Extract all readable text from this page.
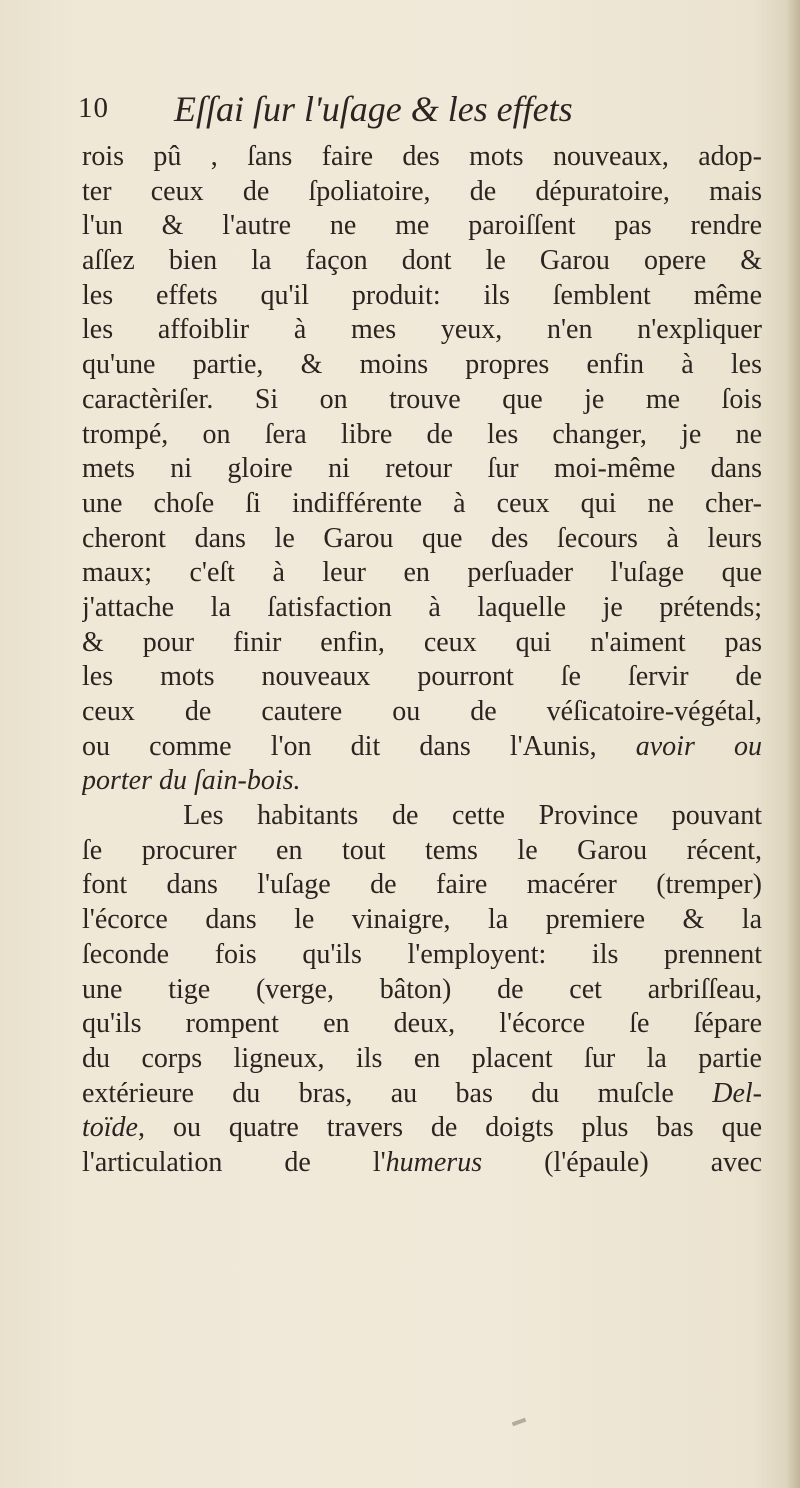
10 Eſſai ſur l'uſage & les effets
rois pû , ſans faire des mots nouveaux, adop-
ter ceux de ſpoliatoire, de dépuratoire, mais
l'un & l'autre ne me paroiſſent pas rendre
aſſez bien la façon dont le Garou opere &
les effets qu'il produit: ils ſemblent même
les affoiblir à mes yeux, n'en n'expliquer
qu'une partie, & moins propres enfin à les
caractèriſer. Si on trouve que je me ſois
trompé, on ſera libre de les changer, je ne
mets ni gloire ni retour ſur moi-même dans
une choſe ſi indifférente à ceux qui ne cher-
cheront dans le Garou que des ſecours à leurs
maux; c'eſt à leur en perſuader l'uſage que
j'attache la ſatisfaction à laquelle je prétends;
& pour finir enfin, ceux qui n'aiment pas
les mots nouveaux pourront ſe ſervir de
ceux de cautere ou de véſicatoire-végétal,
ou comme l'on dit dans l'Aunis, avoir ou
porter du ſain-bois.
Les habitants de cette Province pouvant
ſe procurer en tout tems le Garou récent,
font dans l'uſage de faire macérer (tremper)
l'écorce dans le vinaigre, la premiere & la
ſeconde fois qu'ils l'employent: ils prennent
une tige (verge, bâton) de cet arbriſſeau,
qu'ils rompent en deux, l'écorce ſe ſépare
du corps ligneux, ils en placent ſur la partie
extérieure du bras, au bas du muſcle Del-
toïde, ou quatre travers de doigts plus bas que
l'articulation de l'humerus (l'épaule) avec
